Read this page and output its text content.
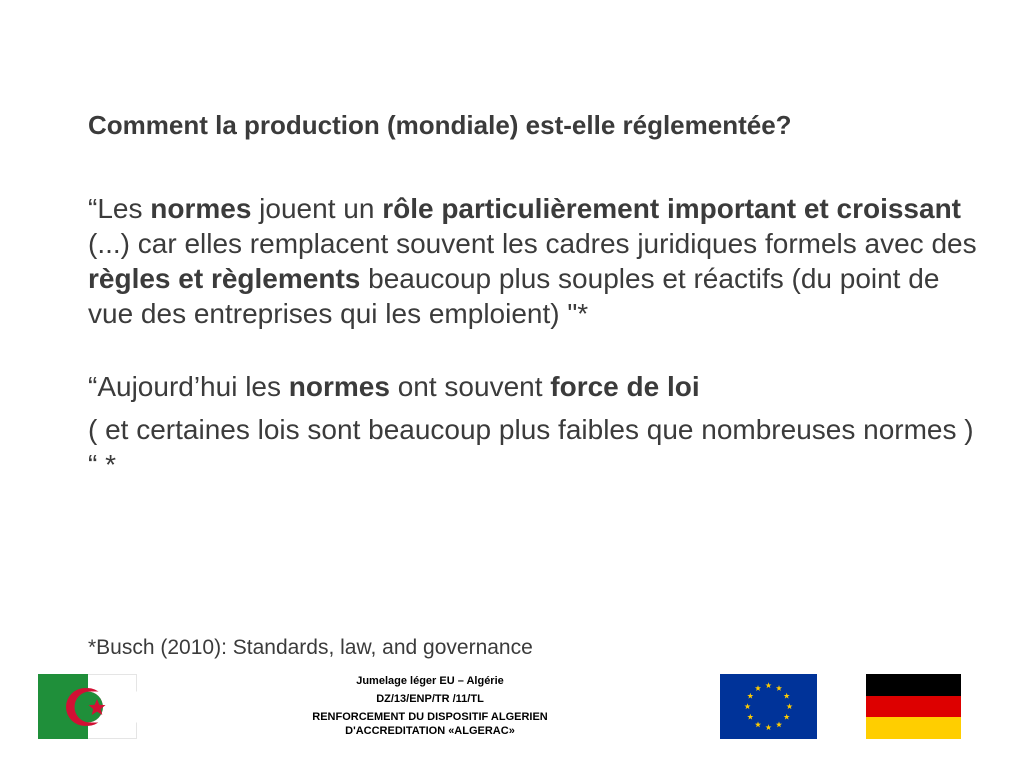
Comment la production (mondiale) est-elle réglementée?

“Les normes jouent un rôle particulièrement important et croissant (...) car elles remplacent souvent les cadres juridiques formels avec des règles et règlements beaucoup plus souples et réactifs (du point de vue des entreprises qui les emploient) "*

“Aujourd’hui les normes ont souvent force de loi

( et certaines lois sont beaucoup plus faibles que nombreuses normes ) “ *

*Busch (2010): Standards, law, and governance
Jumelage léger EU – Algérie
DZ/13/ENP/TR /11/TL
RENFORCEMENT DU DISPOSITIF ALGERIEN D'ACCREDITATION «ALGERAC»
